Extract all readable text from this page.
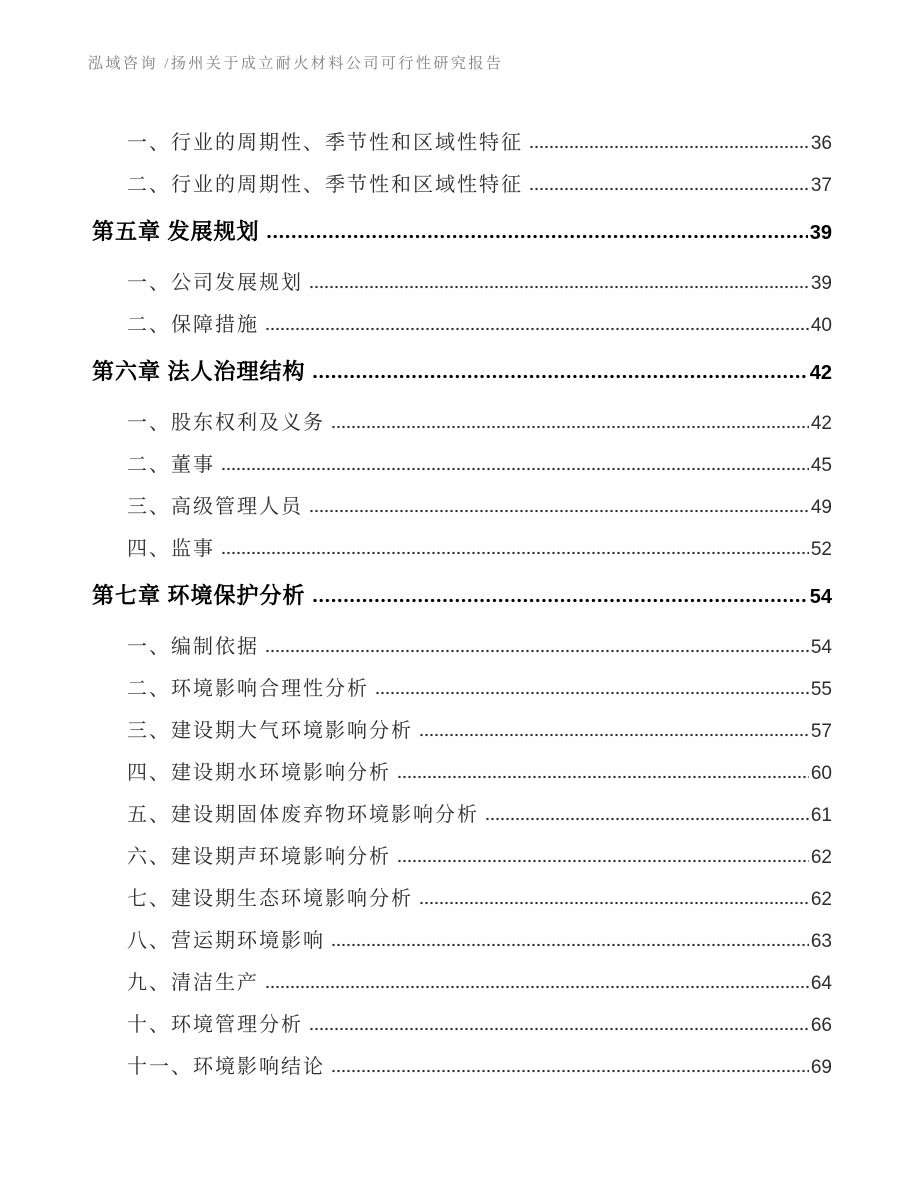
泓域咨询 /扬州关于成立耐火材料公司可行性研究报告
一、行业的周期性、季节性和区域性特征	36
二、行业的周期性、季节性和区域性特征	37
第五章 发展规划	39
一、公司发展规划	39
二、保障措施	40
第六章 法人治理结构	42
一、股东权利及义务	42
二、董事	45
三、高级管理人员	49
四、监事	52
第七章 环境保护分析	54
一、编制依据	54
二、环境影响合理性分析	55
三、建设期大气环境影响分析	57
四、建设期水环境影响分析	60
五、建设期固体废弃物环境影响分析	61
六、建设期声环境影响分析	62
七、建设期生态环境影响分析	62
八、营运期环境影响	63
九、清洁生产	64
十、环境管理分析	66
十一、环境影响结论	69
